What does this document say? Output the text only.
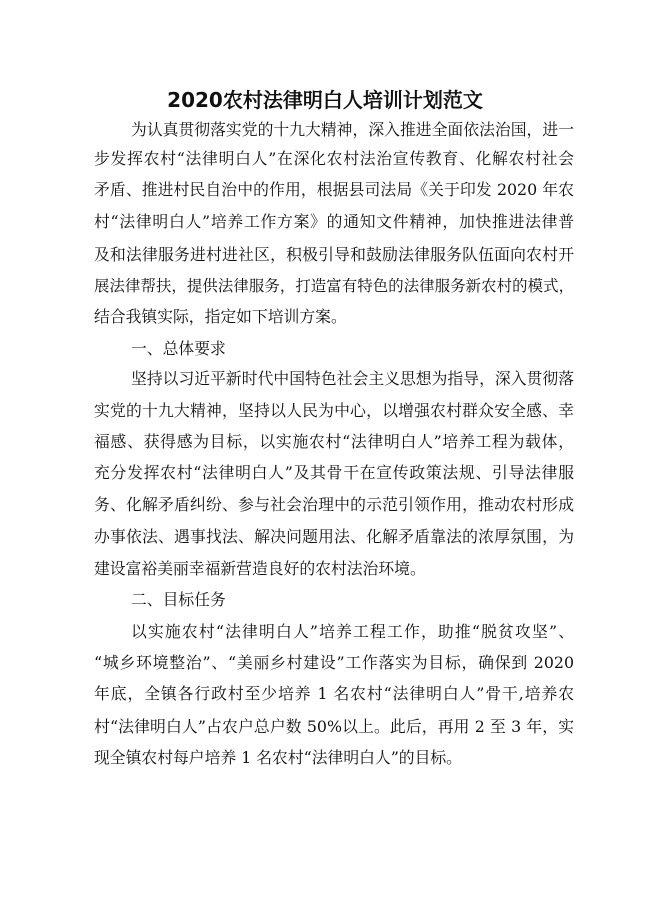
2020农村法律明白人培训计划范文
为认真贯彻落实党的十九大精神，深入推进全面依法治国，进一
步发挥农村“法律明白人”在深化农村法治宣传教育、化解农村社会
矛盾、推进村民自治中的作用，根据县司法局《关于印发 2020 年农
村“法律明白人”培养工作方案》的通知文件精神，加快推进法律普
及和法律服务进村进社区，积极引导和鼓励法律服务队伍面向农村开
展法律帮扶，提供法律服务，打造富有特色的法律服务新农村的模式，
结合我镇实际，指定如下培训方案。
一、总体要求
坚持以习近平新时代中国特色社会主义思想为指导，深入贯彻落
实党的十九大精神，坚持以人民为中心，以增强农村群众安全感、幸
福感、获得感为目标，以实施农村“法律明白人”培养工程为载体，
充分发挥农村“法律明白人”及其骨干在宣传政策法规、引导法律服
务、化解矛盾纠纷、参与社会治理中的示范引领作用，推动农村形成
办事依法、遇事找法、解决问题用法、化解矛盾靠法的浓厚氛围，为
建设富裕美丽幸福新营造良好的农村法治环境。
二、目标任务
以实施农村“法律明白人”培养工程工作，助推“脱贫攻坚”、
“城乡环境整治”、“美丽乡村建设”工作落实为目标，确保到 2020
年底，全镇各行政村至少培养 1 名农村“法律明白人”骨干,培养农
村“法律明白人”占农户总户数 50%以上。此后，再用 2 至 3 年，实
现全镇农村每户培养 1 名农村“法律明白人”的目标。
